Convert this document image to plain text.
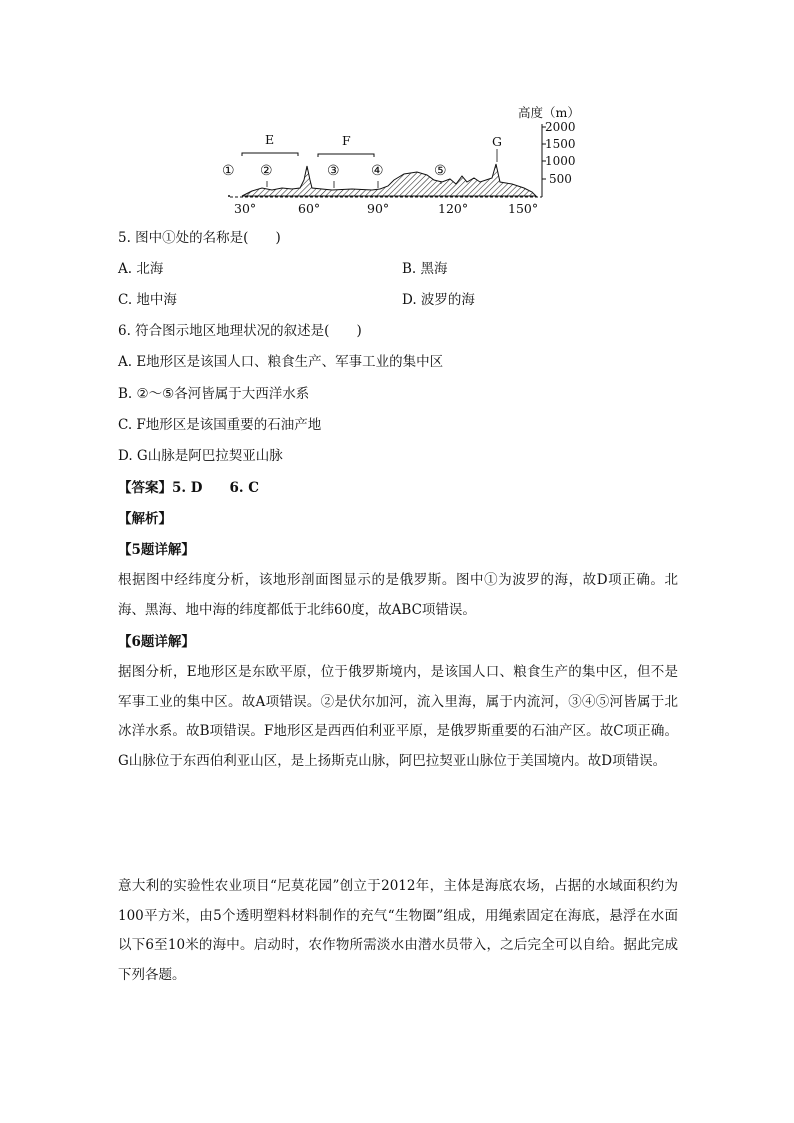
高度（m）
2000
1500
1000
500
30°	60°	90°	120°	150°
E	F	G
① ②	③ ④	⑤
5. 图中①处的名称是(　　)
A. 北海	B. 黑海
C. 地中海	D. 波罗的海
6. 符合图示地区地理状况的叙述是(　　)
A. E地形区是该国人口、粮食生产、军事工业的集中区
B. ②～⑤各河皆属于大西洋水系
C. F地形区是该国重要的石油产地
D. G山脉是阿巴拉契亚山脉
【答案】5. D　　6. C
【解析】
【5题详解】
根据图中经纬度分析，该地形剖面图显示的是俄罗斯。图中①为波罗的海，故D项正确。北海、黑海、地中海的纬度都低于北纬60度，故ABC项错误。
【6题详解】
据图分析，E地形区是东欧平原，位于俄罗斯境内，是该国人口、粮食生产的集中区，但不是军事工业的集中区。故A项错误。②是伏尔加河，流入里海，属于内流河，③④⑤河皆属于北冰洋水系。故B项错误。F地形区是西西伯利亚平原，是俄罗斯重要的石油产区。故C项正确。G山脉位于东西伯利亚山区，是上扬斯克山脉，阿巴拉契亚山脉位于美国境内。故D项错误。
意大利的实验性农业项目“尼莫花园”创立于2012年，主体是海底农场，占据的水域面积约为100平方米，由5个透明塑料材料制作的充气“生物圈”组成，用绳索固定在海底，悬浮在水面以下6至10米的海中。启动时，农作物所需淡水由潜水员带入，之后完全可以自给。据此完成下列各题。
